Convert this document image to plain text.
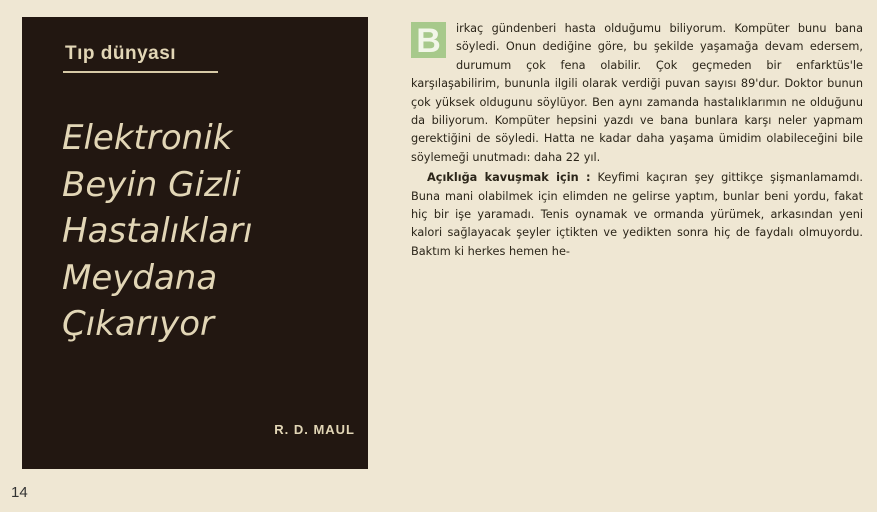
Tıp dünyası
Elektronik
Beyin Gizli
Hastalıkları
Meydana
Çıkarıyor
R. D. MAUL
14

B	irkaç gündenberi hasta olduğumu biliyorum. Kompüter bunu bana söyledi. Onun dediğine göre, bu şekilde yaşamağa devam edersem, durumum çok fena olabilir. Çok geçmeden bir enfarktüs'le karşılaşabilirim, bununla ilgili olarak verdiği puvan sayısı 89'dur. Doktor bunun çok yüksek oldugunu söylüyor. Ben aynı zamanda hastalıklarımın ne olduğunu da biliyorum. Kompüter hepsini yazdı ve bana bunlara karşı neler yapmam gerektiğini de söyledi. Hatta ne kadar daha yaşama ümidim olabileceğini bile söylemeği unutmadı: daha 22 yıl.

Açıklığa kavuşmak için : Keyfimi kaçıran şey gittikçe şişmanlamamdı. Buna mani olabilmek için elimden ne gelirse yaptım, bunlar beni yordu, fakat hiç bir işe yaramadı. Tenis oynamak ve ormanda yürümek, arkasından yeni kalori sağlayacak şeyler içtikten ve yedikten sonra hiç de faydalı olmuyordu. Baktım ki herkes hemen he-
